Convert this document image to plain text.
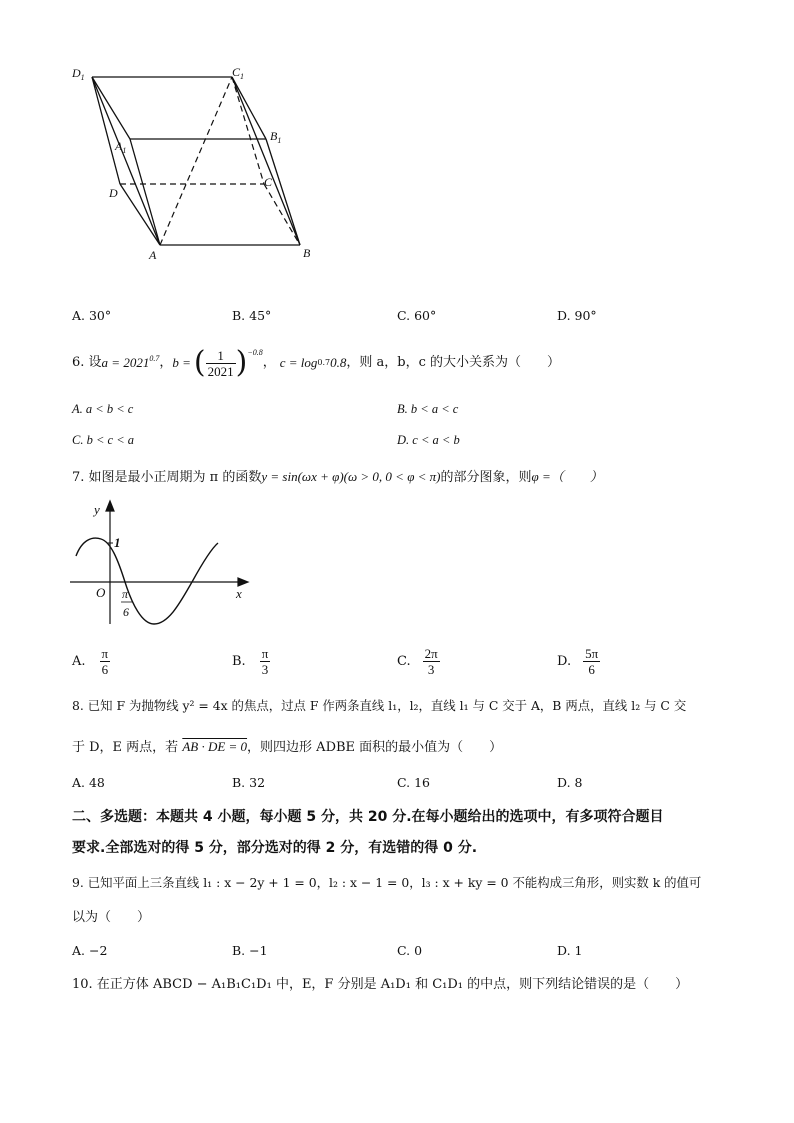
$D_1$	$C_1$
$A_1$
$B_1$
D
C
A	B
A. 30°	B. 45°	C. 60°	D. 90°
6. 设 $a = 2021^{0.7}$ ， b = ( $\frac{1}{2021} )^{-0.8}$
， c = log 0.7 0.8 ，则 a，b，c 的大小关系为（　　）
A. a < b < c	B. b < a < c
C. b < c < a	D. c < a < b
7. 如图是最小正周期为 π 的函数y = sin(ωx + φ)(ω > 0, 0 < φ < π)的部分图象，则φ =（　　）
y
x
O
1
π
6
A. $\frac{\pi}{6}$	B. $\frac{\pi}{3}$	C. $\frac{2\pi}{3}$	D. $\frac{5\pi}{6}$
8. 已知 F 为抛物线 y² = 4x 的焦点，过点 F 作两条直线 l₁，l₂，直线 l₁ 与 C 交于 A，B 两点，直线 l₂ 与 C 交
于 D，E 两点，若 AB · DE = 0，则四边形 ADBE 面积的最小值为（　　）
A. 48	B. 32	C. 16	D. 8
二、多选题：本题共 4 小题，每小题 5 分，共 20 分.在每小题给出的选项中，有多项符合题目
要求.全部选对的得 5 分，部分选对的得 2 分，有选错的得 0 分.
9. 已知平面上三条直线 l₁ : x − 2y + 1 = 0，l₂ : x − 1 = 0，l₃ : x + ky = 0 不能构成三角形，则实数 k 的值可
以为（　　）
A. −2	B. −1	C. 0	D. 1
10. 在正方体 ABCD − A₁B₁C₁D₁ 中，E，F 分别是 A₁D₁ 和 C₁D₁ 的中点，则下列结论错误的是（　　）
